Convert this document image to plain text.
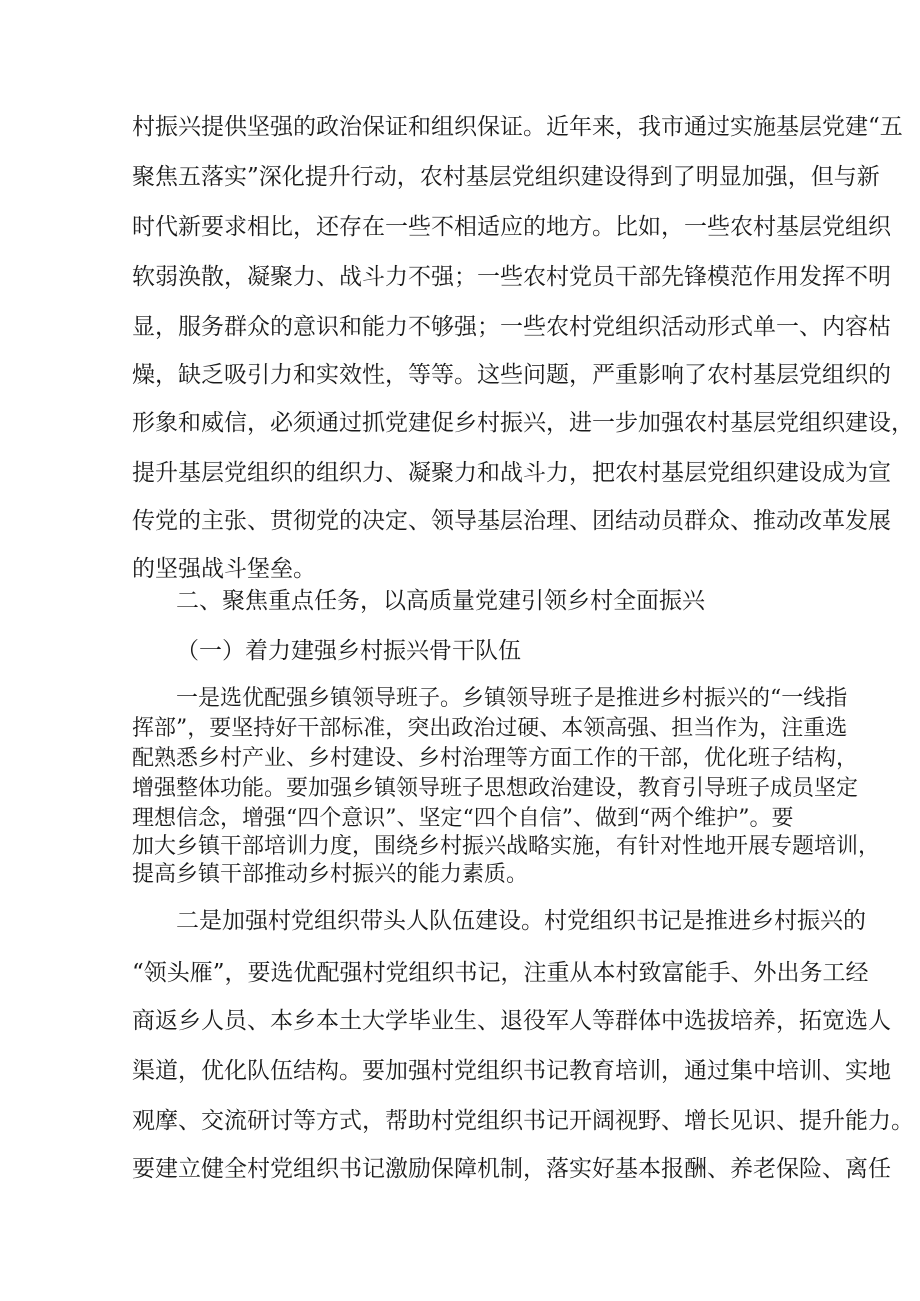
村振兴提供坚强的政治保证和组织保证。近年来，我市通过实施基层党建“五
聚焦五落实”深化提升行动，农村基层党组织建设得到了明显加强，但与新
时代新要求相比，还存在一些不相适应的地方。比如，一些农村基层党组织
软弱涣散，凝聚力、战斗力不强；一些农村党员干部先锋模范作用发挥不明
显，服务群众的意识和能力不够强；一些农村党组织活动形式单一、内容枯
燥，缺乏吸引力和实效性，等等。这些问题，严重影响了农村基层党组织的
形象和威信，必须通过抓党建促乡村振兴，进一步加强农村基层党组织建设，
提升基层党组织的组织力、凝聚力和战斗力，把农村基层党组织建设成为宣
传党的主张、贯彻党的决定、领导基层治理、团结动员群众、推动改革发展
的坚强战斗堡垒。
二、聚焦重点任务，以高质量党建引领乡村全面振兴
（一）着力建强乡村振兴骨干队伍
一是选优配强乡镇领导班子。乡镇领导班子是推进乡村振兴的“一线指
挥部”，要坚持好干部标准，突出政治过硬、本领高强、担当作为，注重选
配熟悉乡村产业、乡村建设、乡村治理等方面工作的干部，优化班子结构，
增强整体功能。要加强乡镇领导班子思想政治建设，教育引导班子成员坚定
理想信念，增强“四个意识”、坚定“四个自信”、做到“两个维护”。要
加大乡镇干部培训力度，围绕乡村振兴战略实施，有针对性地开展专题培训，
提高乡镇干部推动乡村振兴的能力素质。
二是加强村党组织带头人队伍建设。村党组织书记是推进乡村振兴的
“领头雁”，要选优配强村党组织书记，注重从本村致富能手、外出务工经
商返乡人员、本乡本土大学毕业生、退役军人等群体中选拔培养，拓宽选人
渠道，优化队伍结构。要加强村党组织书记教育培训，通过集中培训、实地
观摩、交流研讨等方式，帮助村党组织书记开阔视野、增长见识、提升能力。
要建立健全村党组织书记激励保障机制，落实好基本报酬、养老保险、离任
